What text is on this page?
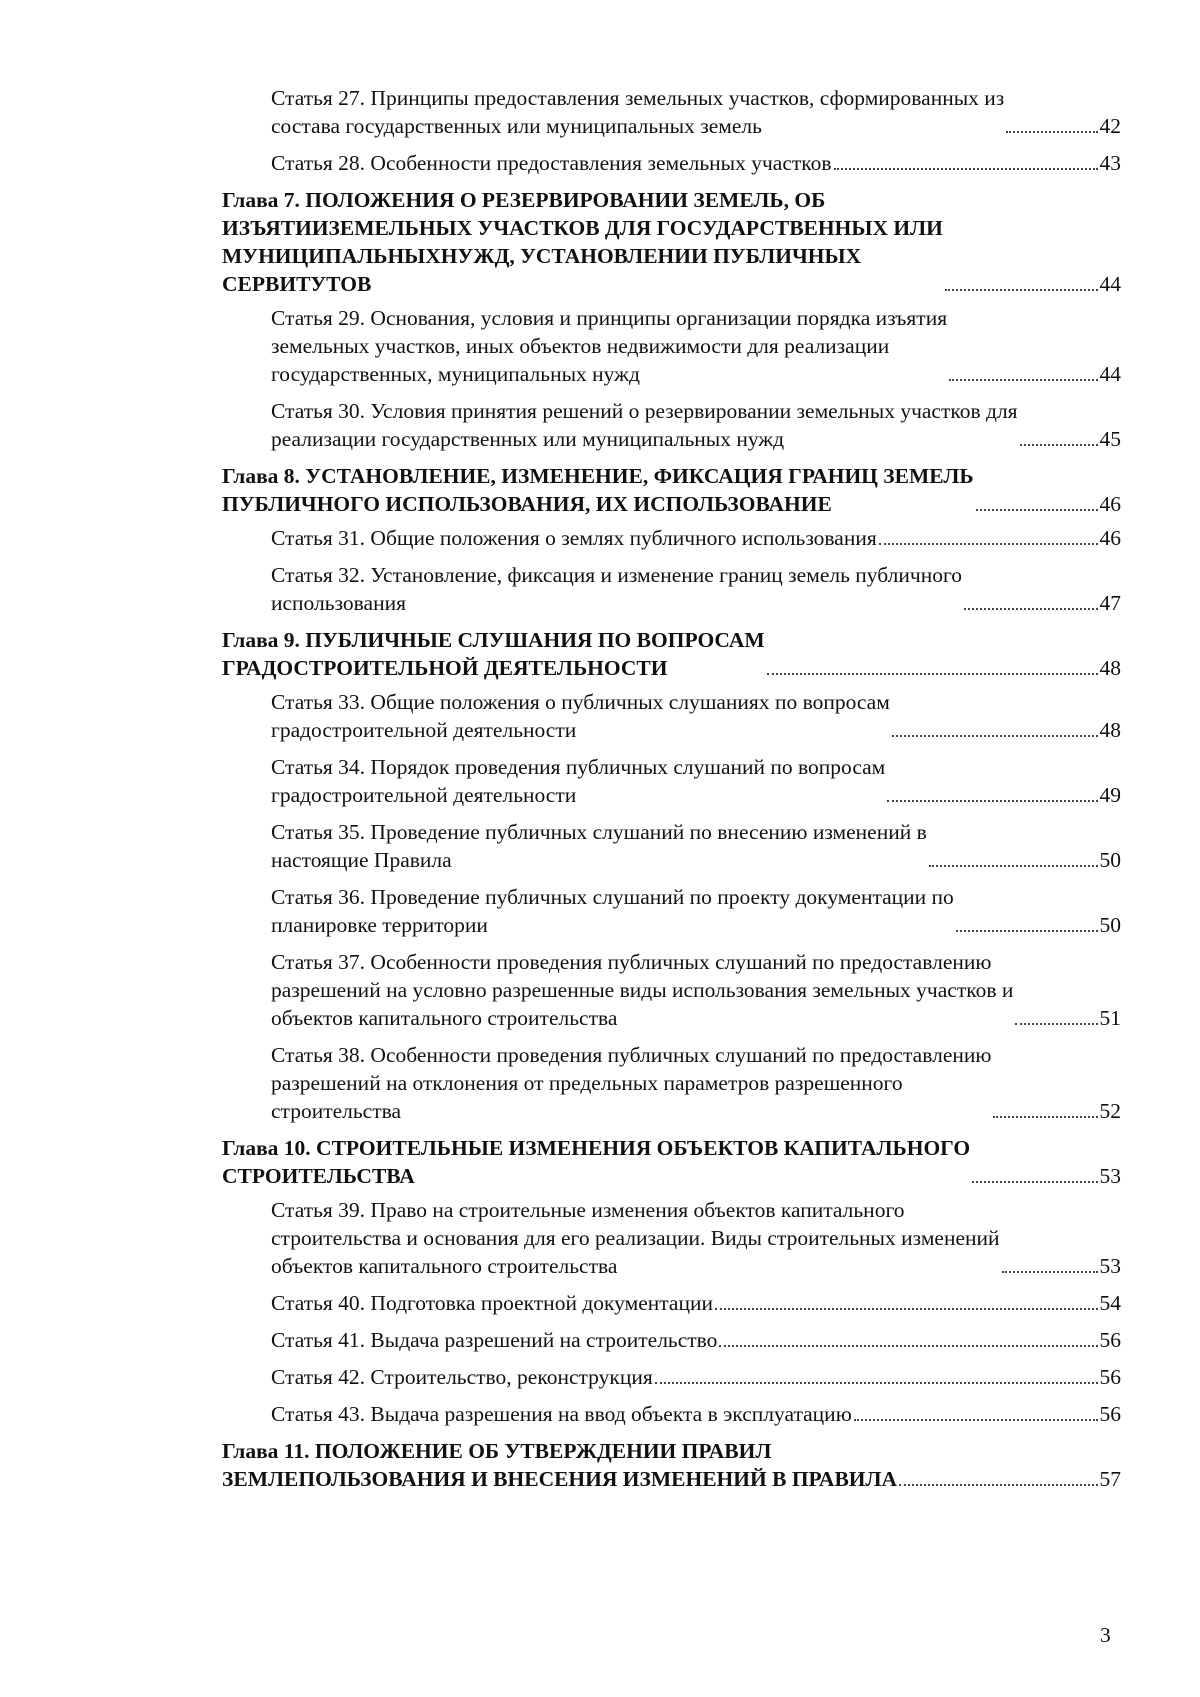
Статья 27. Принципы предоставления земельных участков, сформированных из
состава государственных или муниципальных земель	42
Статья 28. Особенности предоставления земельных участков	43
Глава 7. ПОЛОЖЕНИЯ О РЕЗЕРВИРОВАНИИ ЗЕМЕЛЬ, ОБ
ИЗЪЯТИИЗЕМЕЛЬНЫХ УЧАСТКОВ ДЛЯ ГОСУДАРСТВЕННЫХ ИЛИ
МУНИЦИПАЛЬНЫХНУЖД, УСТАНОВЛЕНИИ ПУБЛИЧНЫХ
СЕРВИТУТОВ	44
Статья 29. Основания, условия и принципы организации порядка изъятия
земельных участков, иных объектов недвижимости для реализации
государственных, муниципальных нужд	44
Статья 30. Условия принятия решений о резервировании земельных участков для
реализации государственных или муниципальных нужд	45
Глава 8. УСТАНОВЛЕНИЕ, ИЗМЕНЕНИЕ, ФИКСАЦИЯ ГРАНИЦ ЗЕМЕЛЬ
ПУБЛИЧНОГО ИСПОЛЬЗОВАНИЯ, ИХ ИСПОЛЬЗОВАНИЕ	46
Статья 31. Общие положения о землях публичного использования	46
Статья 32. Установление, фиксация и изменение границ земель публичного
использования	47
Глава 9. ПУБЛИЧНЫЕ СЛУШАНИЯ ПО ВОПРОСАМ
ГРАДОСТРОИТЕЛЬНОЙ ДЕЯТЕЛЬНОСТИ	48
Статья 33. Общие положения о публичных слушаниях по вопросам
градостроительной деятельности	48
Статья 34. Порядок проведения публичных слушаний по вопросам
градостроительной деятельности	49
Статья 35. Проведение публичных слушаний по внесению изменений в
настоящие Правила	50
Статья 36. Проведение публичных слушаний по проекту документации по
планировке территории	50
Статья 37. Особенности проведения публичных слушаний по предоставлению
разрешений на условно разрешенные виды использования земельных участков и
объектов капитального строительства	51
Статья 38. Особенности проведения публичных слушаний по предоставлению
разрешений на отклонения от предельных параметров разрешенного
строительства	52
Глава 10. СТРОИТЕЛЬНЫЕ ИЗМЕНЕНИЯ ОБЪЕКТОВ КАПИТАЛЬНОГО
СТРОИТЕЛЬСТВА	53
Статья 39. Право на строительные изменения объектов капитального
строительства и основания для его реализации. Виды строительных изменений
объектов капитального строительства	53
Статья 40. Подготовка проектной документации	54
Статья 41. Выдача разрешений на строительство	56
Статья 42. Строительство, реконструкция	56
Статья 43. Выдача разрешения на ввод объекта в эксплуатацию	56
Глава 11. ПОЛОЖЕНИЕ ОБ УТВЕРЖДЕНИИ ПРАВИЛ
ЗЕМЛЕПОЛЬЗОВАНИЯ И ВНЕСЕНИЯ ИЗМЕНЕНИЙ В ПРАВИЛА	57
3
